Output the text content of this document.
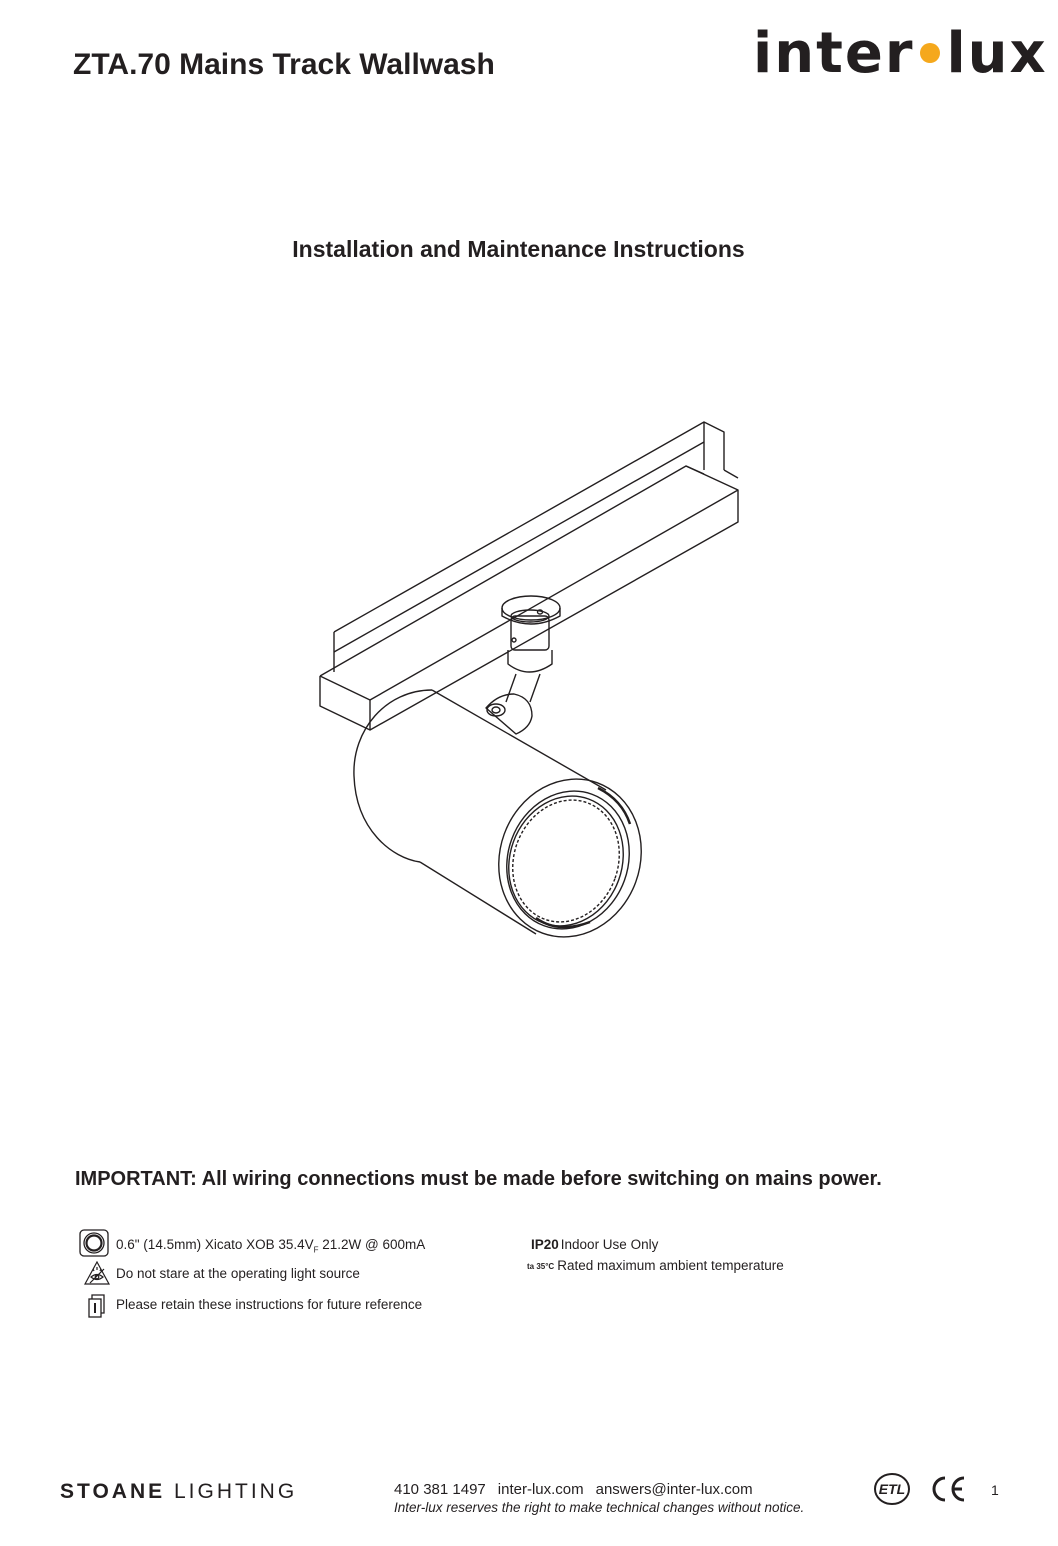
ZTA.70 Mains Track Wallwash	inter lux
Installation and Maintenance Instructions
IMPORTANT: All wiring connections must be made before switching on mains power.
0.6" (14.5mm) Xicato XOB $35.4V_F$ 21.2W @ 600mA
Do not stare at the operating light source
Please retain these instructions for future reference
IP20 Indoor Use Only
ta 35°C Rated maximum ambient temperature
STOANE LIGHTING	410 381 1497 inter-lux.com answers@inter-lux.com
Inter-lux reserves the right to make technical changes without notice.
ETL	1
